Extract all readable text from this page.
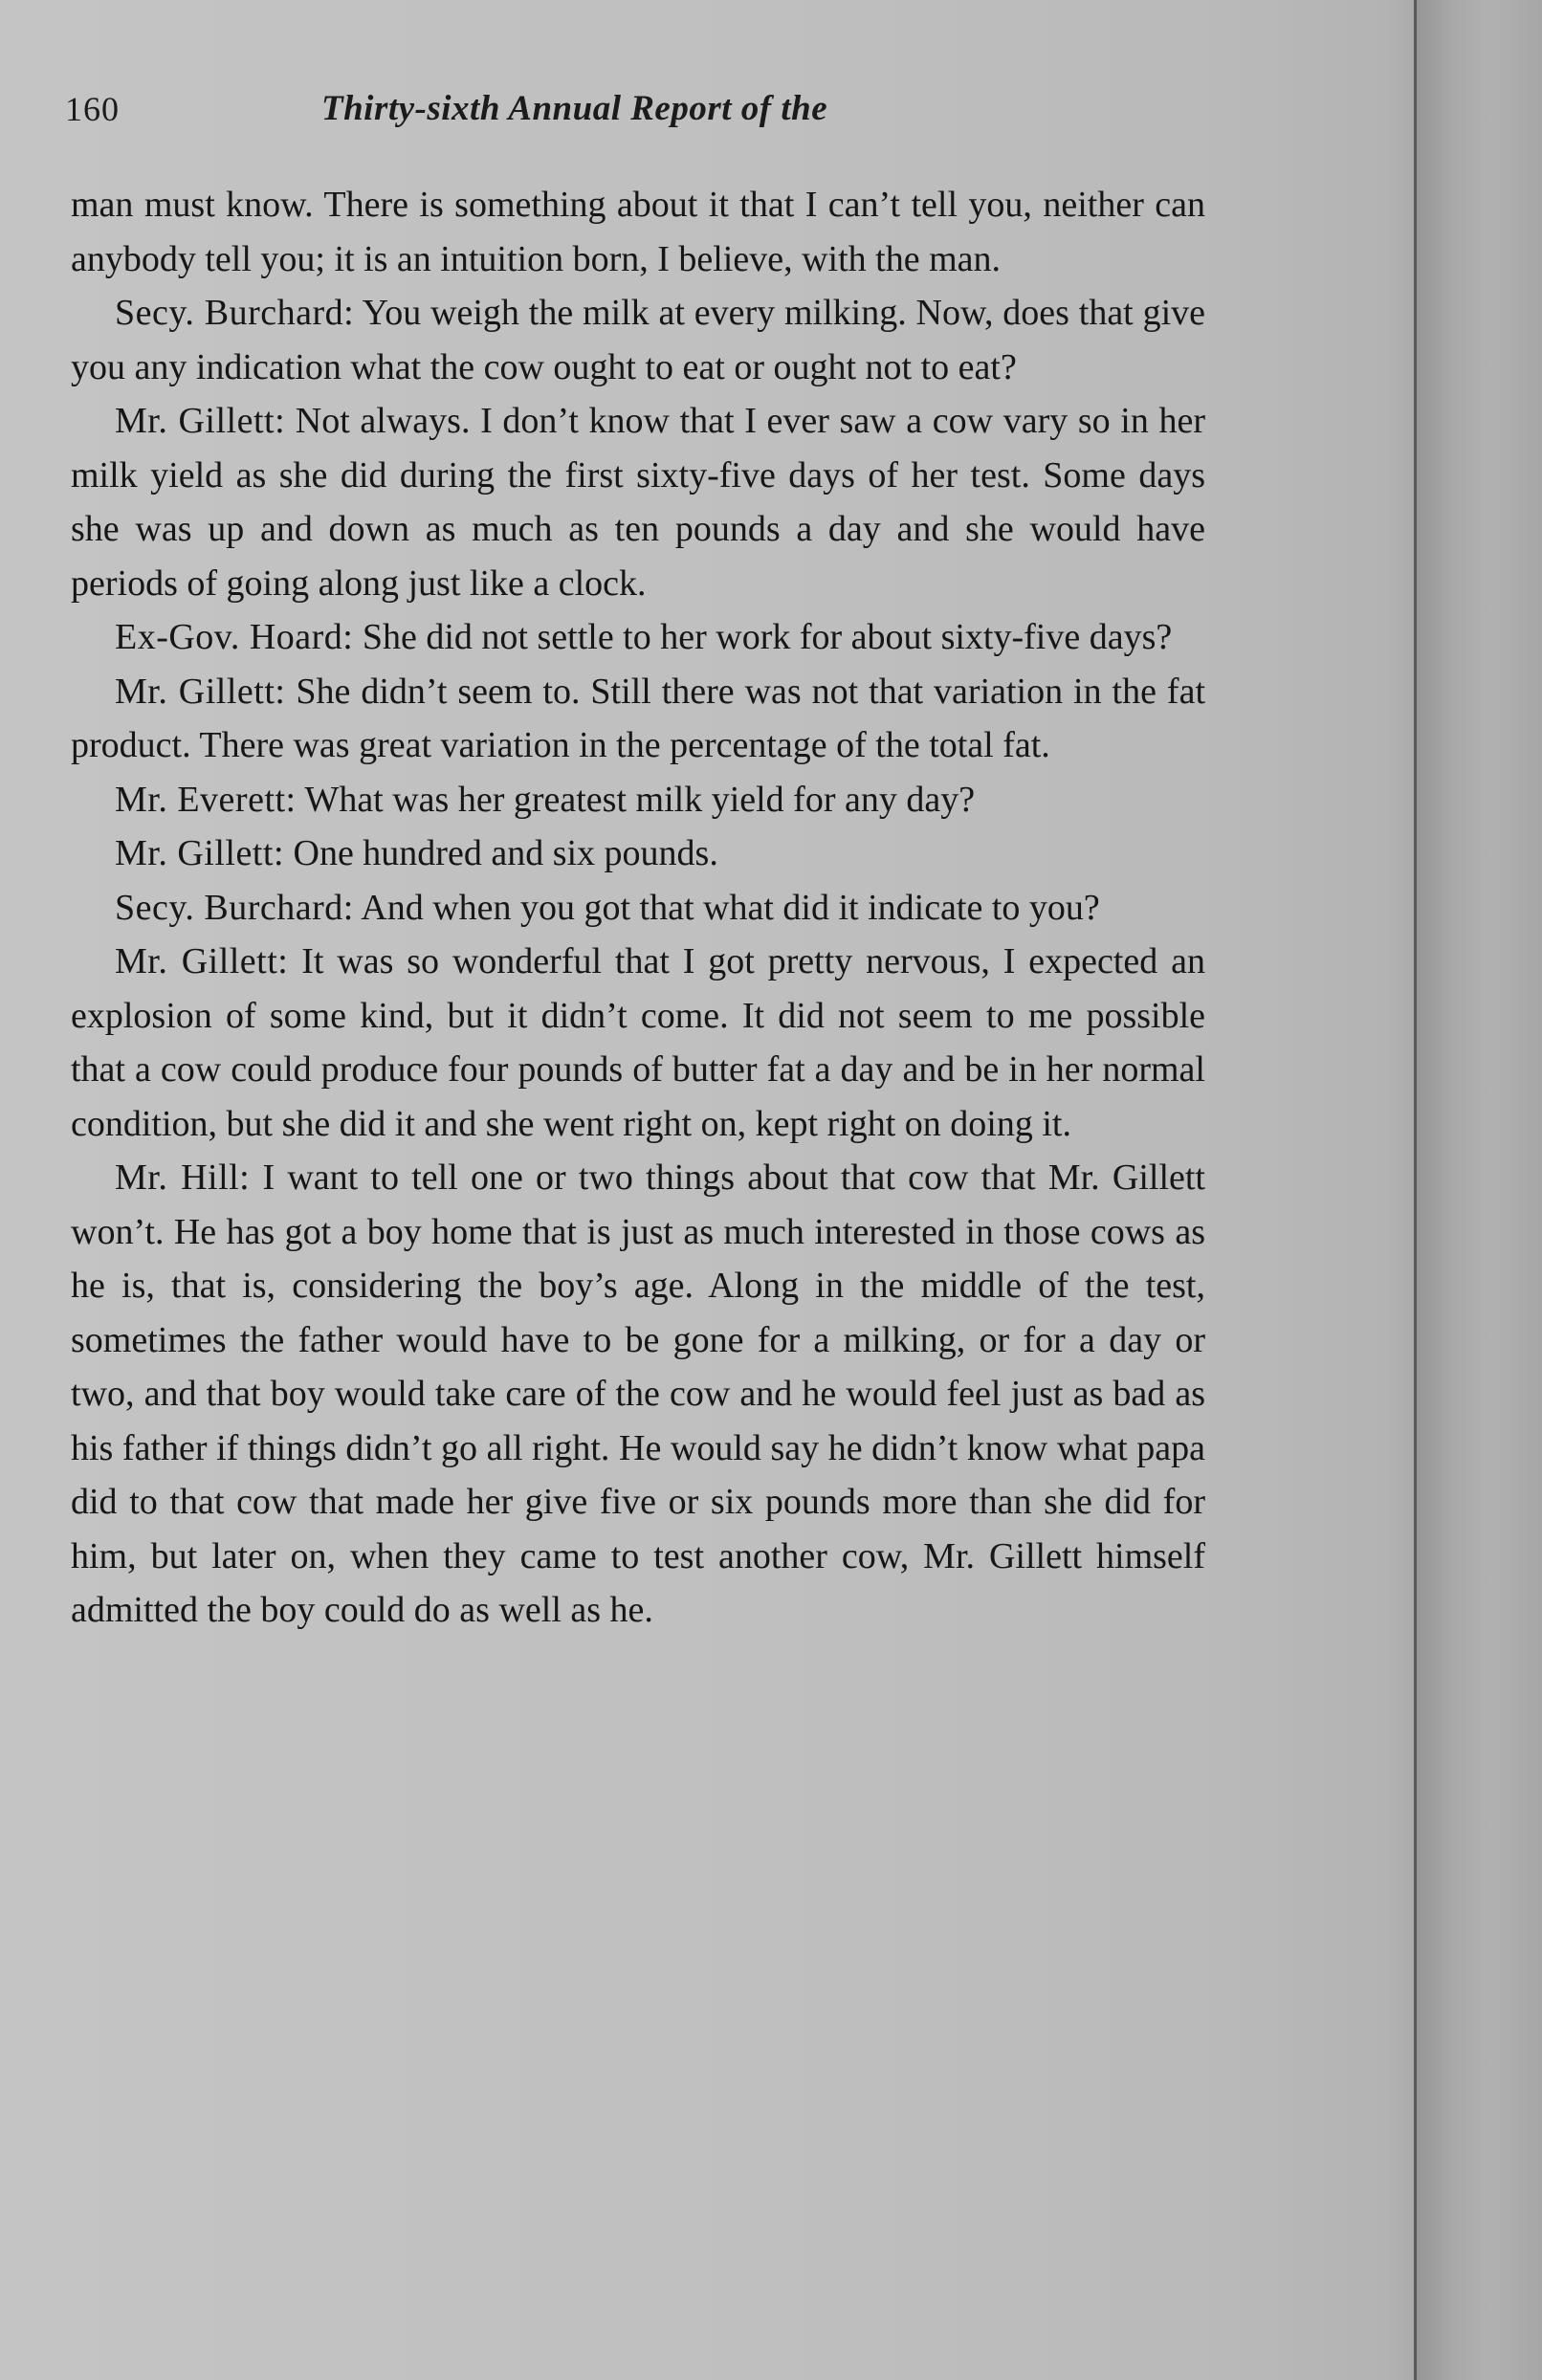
160	Thirty-sixth Annual Report of the

man must know. There is something about it that I can’t tell you, neither can anybody tell you; it is an intuition born, I believe, with the man.

Secy. Burchard: You weigh the milk at every milking. Now, does that give you any indication what the cow ought to eat or ought not to eat?

Mr. Gillett: Not always. I don’t know that I ever saw a cow vary so in her milk yield as she did during the first sixty-five days of her test. Some days she was up and down as much as ten pounds a day and she would have periods of going along just like a clock.

Ex-Gov. Hoard: She did not settle to her work for about sixty-five days?

Mr. Gillett: She didn’t seem to. Still there was not that variation in the fat product. There was great variation in the percentage of the total fat.

Mr. Everett: What was her greatest milk yield for any day?

Mr. Gillett: One hundred and six pounds.

Secy. Burchard: And when you got that what did it indicate to you?

Mr. Gillett: It was so wonderful that I got pretty nervous, I expected an explosion of some kind, but it didn’t come. It did not seem to me possible that a cow could produce four pounds of butter fat a day and be in her normal condition, but she did it and she went right on, kept right on doing it.

Mr. Hill: I want to tell one or two things about that cow that Mr. Gillett won’t. He has got a boy home that is just as much interested in those cows as he is, that is, considering the boy’s age. Along in the middle of the test, sometimes the father would have to be gone for a milking, or for a day or two, and that boy would take care of the cow and he would feel just as bad as his father if things didn’t go all right. He would say he didn’t know what papa did to that cow that made her give five or six pounds more than she did for him, but later on, when they came to test another cow, Mr. Gillett himself admitted the boy could do as well as he.
